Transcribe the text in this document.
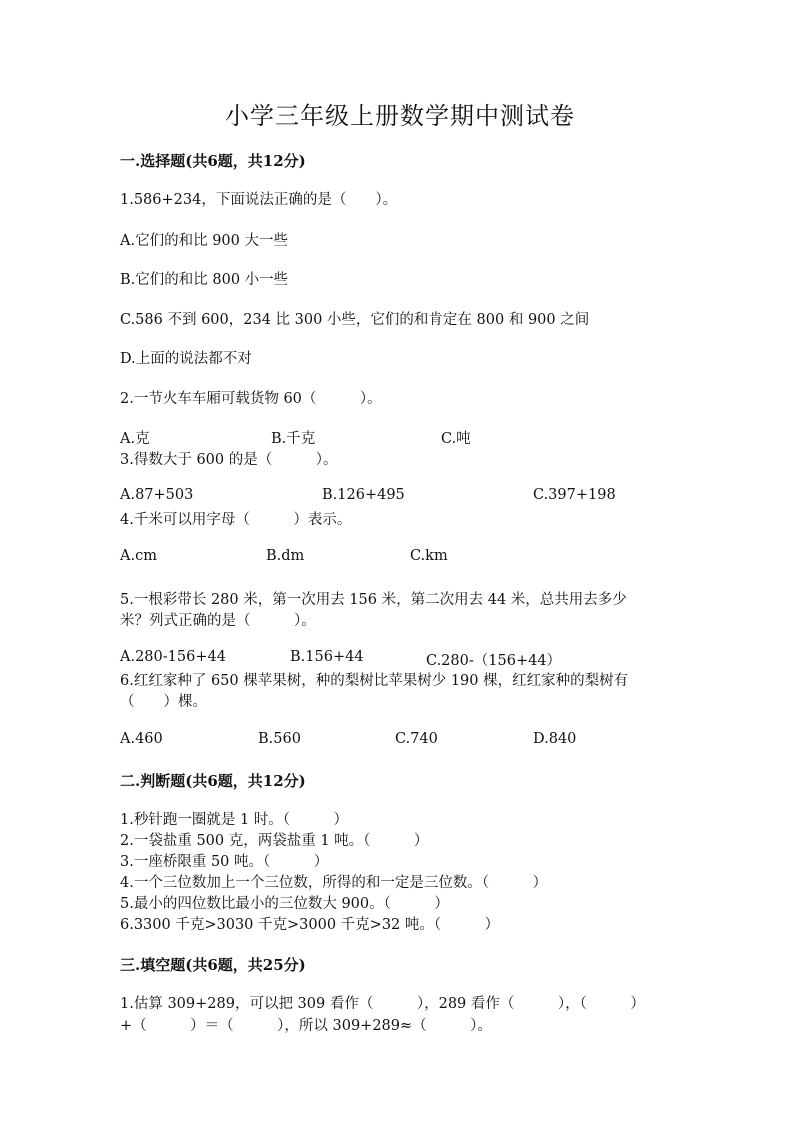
小学三年级上册数学期中测试卷
一.选择题(共6题，共12分)
1.586+234，下面说法正确的是（　　）。
A.它们的和比 900 大一些
B.它们的和比 800 小一些
C.586 不到 600，234 比 300 小些，它们的和肯定在 800 和 900 之间
D.上面的说法都不对
2.一节火车车厢可载货物 60（　　　）。
A.克	B.千克	C.吨
3.得数大于 600 的是（　　　）。
A.87+503	B.126+495	C.397+198
4.千米可以用字母（　　　）表示。
A.cm	B.dm	C.km
5.一根彩带长 280 米，第一次用去 156 米，第二次用去 44 米，总共用去多少
米？列式正确的是（　　　）。
A.280-156+44	B.156+44	C.280-（156+44）
6.红红家种了 650 棵苹果树，种的梨树比苹果树少 190 棵，红红家种的梨树有
（　　）棵。
A.460	B.560	C.740	D.840
二.判断题(共6题，共12分)
1.秒针跑一圈就是 1 时。（　　　）
2.一袋盐重 500 克，两袋盐重 1 吨。（　　　）
3.一座桥限重 50 吨。（　　　）
4.一个三位数加上一个三位数，所得的和一定是三位数。（　　　）
5.最小的四位数比最小的三位数大 900。（　　　）
6.3300 千克>3030 千克>3000 千克>32 吨。（　　　）
三.填空题(共6题，共25分)
1.估算 309+289，可以把 309 看作（　　　），289 看作（　　　），（　　　）
+（　　　）＝（　　　），所以 309+289≈（　　　）。
